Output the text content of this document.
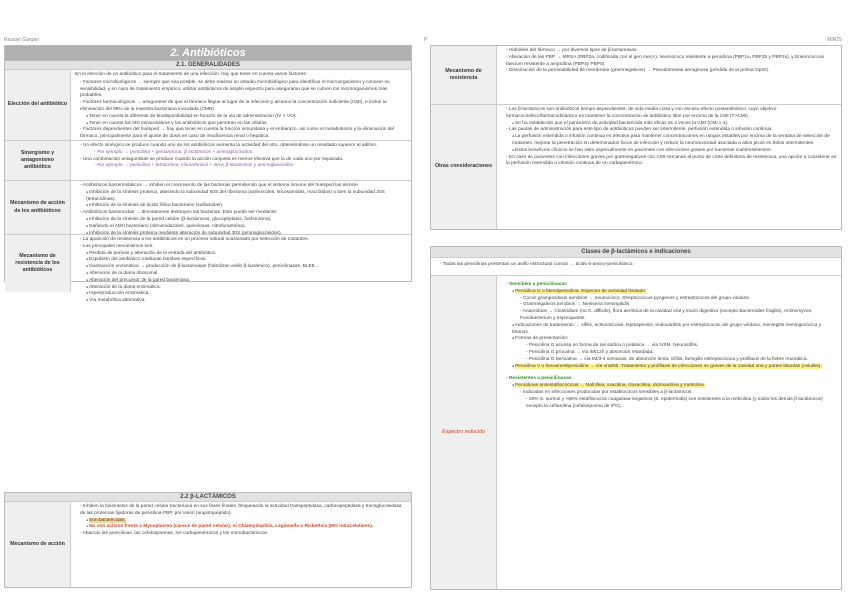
Rassan Gargan
2. Antibióticos
2.1. GENERALIDADES
Elección del antibiótico

En la elección de un antibiótico para el tratamiento de una infección, hay que tener en cuenta varios factores:

- Factores microbiológicos → siempre que sea posible, se debe realizar un estudio microbiológico para identificar el microorganismo y conocer su sensibilidad, y en caso de tratamiento empírico, utilizar antibióticos de amplio espectro para asegurarse que se cubren los microorganismos más probables.
- Factores farmacológicos → asegurarse de que el fármaco llegue al lugar de la infección y alcance la concentración suficiente (CMI), e incluir la eliminación del 99% de la muestra bacteriana inoculada (CMB).
● Tener en cuenta la diferente de biodisponibilidad en función de la vía de administración (IV > VO).
● Tener en cuenta los MO intracelulares y los antibióticos que penetran en las células.
- Factores dependientes del huésped → hay que tener en cuenta la función inmunitaria y el embarazo, así como el metabolismo y la eliminación del fármaco, principalmente para el ajuste de dosis en caso de insuficiencia renal o hepática.
Sinergismo y antagonismo antibiótico
- Un efecto sinérgico se produce cuando uno de los antibióticos aumenta la actividad del otro, obteniéndose un resultado superior al aditivo.
- Por ejemplo → penicilina + gentamicina; β-lactámicos + aminoglucósidos.
- Una combinación antagonistas se produce cuando la acción conjunta es menos efectiva que la de cada uno por separado.
- Por ejemplo → penicilina + tetraciclina; cloranfenicol + otros β-lactámicos y aminoglucósidos.
Mecanismo de acción de los antibióticos
- Antibióticos bacteriostáticos → inhiben el crecimiento de las bacterias permitiendo que el sistema inmune del huésped las elimine.
● Inhibición de la síntesis proteica, alterando la subunidad 50S del ribosoma (anfenicoles, lincosamidas, macrólidos) o bien la subunidad 30S (tetraciclinas).
● Inhibición de la síntesis de ácido fólico bacteriano (sulfamidas).
- Antibióticos bactericidas → directamente destruyen las bacterias. Esto puede ser mediante:
● Inhibición de la síntesis de la pared celular (β-lactámicos, glucopéptidos, fosfomicina).
● Dañando el ADN bacteriano (nitroimidazoles, quinolonas, nitrofurantoína).
● Inhibición de la síntesis proteica mediante alteración de subunidad 30S (aminoglucósidos).
Mecanismo de resistencia de los antibióticos
- La aparición de resistencia a los antibióticos es un proceso natural ocasionado por selección de mutantes.
- Los principales mecanismos son:
● Pérdida de porinas y alteración de la entrada del antibiótico.
● Expulsión del antibiótico mediante bombas específicas.
● Inactivación enzimática → producción de β-lactamasas (hidrolizan anillo β-lactámico), penicilinasas, BLEE…
● Alteración de la diana ribosomal.
● Alteración del precursor de la pared bacteriana.
● Alteración de la diana enzimática.
● Hiperproducción enzimática.
● Vía metabólica alternativa.
2.2 β-LACTÁMICOS
Mecanismo de acción
- Inhiben la biosíntesis de la pared celular bacteriana en sus fases finales, bloqueando la actividad transpeptidasa, carboxipeptidasa y transglucosidasa de las proteínas fijadoras de penicilina PBP, por unión (angiotopéptido).
● Son bactericidas.
● No son activos frente a Mycoplasma (carece de pared celular), ni Chlamydophila, Legionella o Rickettsia (MO intracelulares).
- Abarcan las penicilinas, las cefalosporinas, los carbapenémicos y los monobactámicos.
P	MIR25
Mecanismo de resistencia
- Hidrólisis del fármaco → por diversos tipos de β-lactamasas.
- Alteración de las PBP → MRSA (PBP2a, codificada con el gen mecA), neumococo resistente a penicilina (PBP1a, PBP2b y PBP2x), y Enterococcus faecium resistente a ampicilina (PBP4y PBP5).
- Disminución de la permeabilidad de membrana (gramnegativos) → Pseudomonas aeruginosa (pérdida de la porina OprD).
Otras consideraciones
- Los β-lactámicos son antibióticos tiempo-dependientes, de vida media corta y con escaso efecto postantibiótico, cuyo objetivo farmacocinético/farmacodinámico es mantener la concentración de antibiótico libre por encima de la CMI (T>CMI).
● Se ha establecido que el parámetro de actividad bactericida más eficaz es 4 veces la CMI (CMI x 4).
- Las pautas de administración para este tipo de antibióticos pueden ser intermitente, perfusión extendida o infusión continua.
● La perfusión extendida o infusión continua es efectiva para mantener concentraciones en rangos estables por encima de la ventana de selección de mutantes, mejorar la penetración en determinados focos de infección y reducir la neurotoxicidad asociada a altos picos en bolos intermitentes.
● Estos beneficios clínicos se han visto especialmente en pacientes con infecciones graves por bacterias multirresistentes.
- En caso de pacientes con infecciones graves por gramnegativos con CMI cercanas al punto de corte definitorio de resistencia, una opción a considerar es la perfusión extendida o infusión continua de un carbapenémico.
Clases de β-lactámicos e indicaciones
- Todas las penicilinas presentan un anillo estructural común → ácido 6-amino-penicilánico.
Espectro reducido
- Sensibles a penicilinasas
● Penicilina G o bencilpenicilina. Espectro de actividad limitado:
- Cocos grampositivos aerobios → neumococo, Streptococcus pyogenes y estreptococos del grupo viridans.
- Gramnegativos aerobios → Neisseria meningitidis.
- Anaerobios → Clostridium (no C. difficile), flora aeróbica de la cavidad oral y tracto digestivo (excepto Bacteroides fragilis), Actinomyces, Fusobacterium y espiroquetas.
● Indicaciones de tratamiento → sífilis, actinomicosis, leptospirosis, endocarditis por estreptococos del grupo viridans, meningitis meningocócica y tétanos.
● Formas de presentación:
- Penicilina G acuosa en forma de sal sódica o potásica → vía IV/IM. Neurosífilis.
- Penicilina G procaína → vía IM/12h y absorción retardada.
- Penicilina G benzatina → vía IM/3-4 semanas, de absorción lenta. Sífilis, faringitis estreptocócica y profilaxis de la fiebre reumática.
● Penicilina V o fenoximetilpenicilina → vía oral/6h. Tratamiento y profilaxis de infecciones no graves de la cavidad oral y partes blandas (celulitis).
- Resistentes a penicilinasas
● Penicilinas antiestafilocócicas → Nafcilina, oxacilina, cloxacilina, dicloxacilina y meticilina.
- Indicadas en infecciones producidas por estafilococos sensibles a β-lactámicos.
- 20% S. aureus y >80% estafilococos coagulasa-negativos (S. epidermidis) son resistentes a la meticilina (y todos los demás β-lactámicos) excepto la ceftarolina (cefalosporina de 5ªG).
